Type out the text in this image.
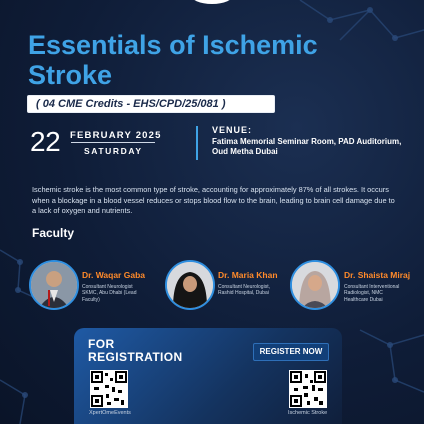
Essentials of Ischemic Stroke
( 04 CME Credits - EHS/CPD/25/081 )
22 FEBRUARY 2025
SATURDAY
VENUE:
Fatima Memorial Seminar Room, PAD Auditorium, Oud Metha Dubai

Ischemic stroke is the most common type of stroke, accounting for approximately 87% of all strokes. It occurs when a blockage in a blood vessel reduces or stops blood flow to the brain, leading to brain cell damage due to a lack of oxygen and nutrients.

Faculty
Dr. Waqar Gaba
Consultant Neurologist SKMC, Abu Dhabi (Lead Faculty)
Dr. Maria Khan
Consultant Neurologist, Rashid Hospital, Dubai
Dr. Shaista Miraj
Consultant Interventional Radiologist, NMC Healthcare Dubai
FOR
REGISTRATION	REGISTER NOW
XpertOmeEvents	Ischemic Stroke
